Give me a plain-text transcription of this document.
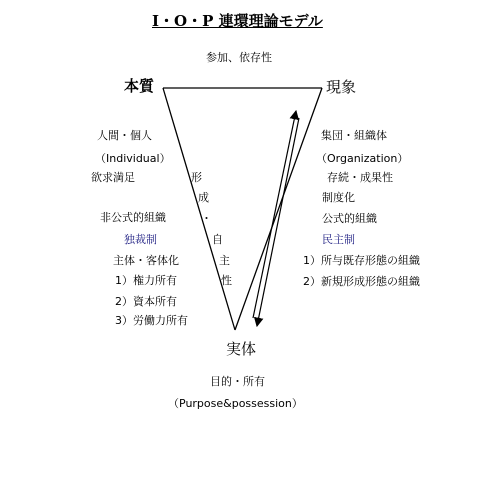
I・O・P 連環理論モデル
参加、依存性
本質	現象
実体
人間・個人
（Individual）
欲求満足
非公式的組織
独裁制
主体・客体化
1）権力所有
2）資本所有
3）労働力所有
形
成
・
自
主
性
集団・組織体
（Organization）
存続・成果性
制度化
公式的組織
民主制
1）所与既存形態の組織
2）新規形成形態の組織
目的・所有
（Purpose&possession）
